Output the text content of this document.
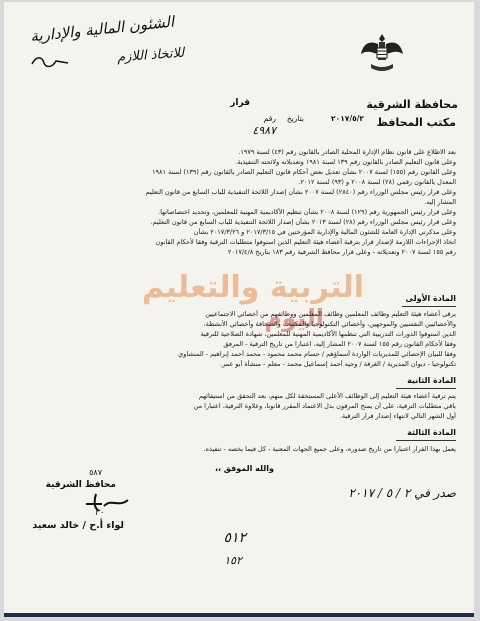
الشئون المالية والإدارية
للاتخاذ اللازم
محافظة الشرقية
مكتب المحافظ
قرار
رقم بتاريخ	٢٠١٧/٥/٢
٤٩٨٧
بعد الاطلاع على قانون نظام الإدارة المحلية الصادر بالقانون رقم (٤٣) لسنة ١٩٧٩.
وعلى قانون التعليم الصادر بالقانون رقم ١٣٩ لسنة ١٩٨١ وتعديلاته ولائحته التنفيذية.
وعلى القانون رقم (١٥٥) لسنة ٢٠٠٧ بشأن تعديل بعض أحكام قانون التعليم الصادر بالقانون رقم (١٣٩) لسنة ١٩٨١
المعدل بالقانون رقمي (٢٨) لسنة ٢٠٠٨ و (٩٣) لسنة ٢٠١٢.
وعلى قرار رئيس مجلس الوزراء رقم (٢٨٤٠) لسنة ٢٠٠٧ بشأن إصدار اللائحة التنفيذية للباب السابع من قانون التعليم
المشار إليه.
وعلى قرار رئيس الجمهورية رقم (١٢٩) لسنة ٢٠٠٨ بشأن تنظيم الأكاديمية المهنية للمعلمين، وتحديد اختصاصاتها.
وعلى قرار رئيس مجلس الوزراء رقم (٢٨) لسنة ٢٠١٣ بشأن إصدار اللائحة التنفيذية للباب السابع من قانون التعليم.
وعلى مذكرتي الإدارة العامة للشئون المالية والإدارية المؤرختين في ٢٠١٧/٣/١٥ و ٢٠١٧/٣/٢٦ بشأن
اتخاذ الإجراءات اللازمة لإصدار قرار بترقية أعضاء هيئة التعليم الذين استوفوا متطلبات الترقية وفقا لأحكام القانون
رقم ١٥٥ لسنة ٢٠٠٧ وتعديلاته - وعلى قرار محافظ الشرقية رقم ١٨٣ بتاريخ ٢٠١٧/٤/٨
التربية والتعليم
اليوم
المادة الأولى
يرقى أعضاء هيئة التعليم وظائف المعلمين وظائف المعلمين ووظائفهم من أخصائي الاجتماعيين
والأخصائيين النفسيين والموجهين، وأخصائي التكنولوجيا والمكتبات والصحافة وأخصائي الأنشطة،
الذين استوفوا الدورات التدريبية التي تنظمها الأكاديمية المهنية للمعلمين، شهادة الصلاحية للترقية
وفقا لأحكام القانون رقم ١٥٥ لسنة ٢٠٠٧ المشار إليه، اعتبارا من تاريخ الترقية - المرفق
وفقا للبيان الإحصائي للمديريات الواردة أسماؤهم / حسام محمد محمود - محمد أحمد إبراهيم - المنشاوي
تكنولوجيا - ديوان المديرية / الغرفة / وجيه أحمد إسماعيل محمد - معلم - منشأة أبو عمر.
المادة الثانية
يتم ترقية أعضاء هيئة التعليم إلى الوظائف الأعلى المستحقة لكل منهم، بعد التحقق من استيفائهم
باقي متطلبات الترقية، على أن يمنح المرقون بدل الاعتماد المقرر قانونا، وعلاوة الترقية، اعتبارا من
أول الشهر التالي لانتهاء إصدار قرار الترقية.
المادة الثالثة
يعمل بهذا القرار اعتبارا من تاريخ صدوره، وعلى جميع الجهات المعنية - كل فيما يخصه - تنفيذه.
والله الموفق ،،
٥٨٧
محافظ الشرقية
٣٠
لواء أ.ح / خالد سعيد
صدر في ٢ / ٥ / ٢٠١٧
٥١٢
١٥٢
